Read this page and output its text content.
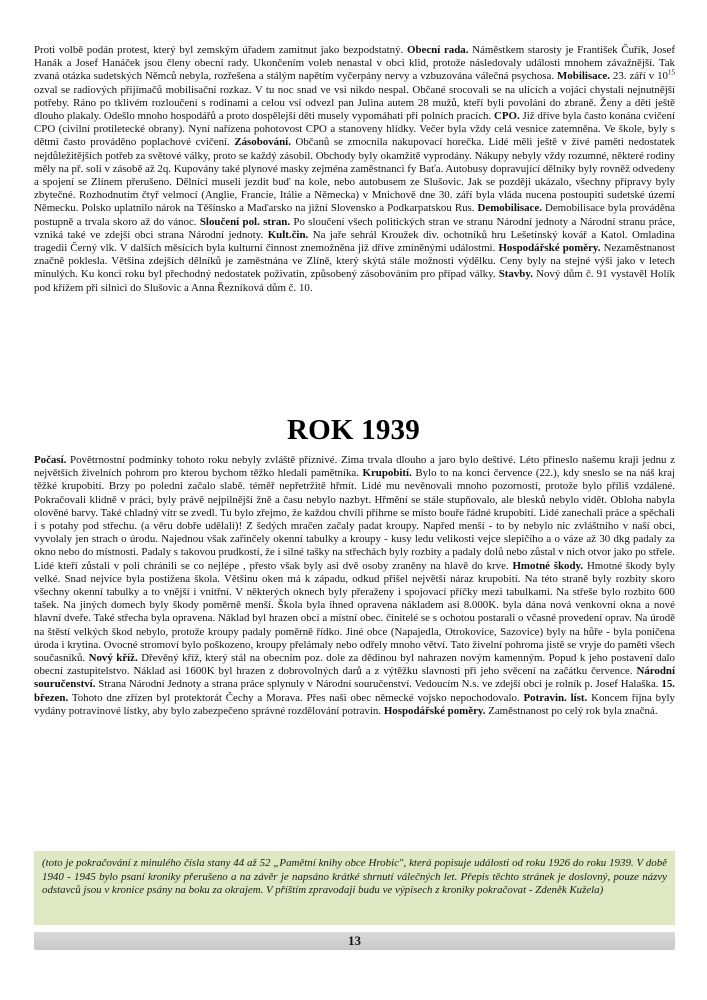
Proti volbě podán protest, který byl zemským úřadem zamítnut jako bezpodstatný. Obecní rada. Náměstkem starosty je František Čuřík, Josef Hanák a Josef Hanáček jsou členy obecní rady. Ukončením voleb nenastal v obci klid, protože následovaly události mnohem závažnější. Tak zvaná otázka sudetských Němců nebyla, rozřešena a stálým napětím vyčerpány nervy a vzbuzována válečná psychosa. Mobilisace. 23. září v $10^{15}$ ozval se radiových přijímačů mobilisační rozkaz. V tu noc snad ve vsi nikdo nespal. Občané srocovali se na ulicích a vojáci chystali nejnutnější potřeby. Ráno po tklivém rozloučení s rodinami a celou vsí odvezl pan Julina autem 28 mužů, kteří byli povoláni do zbraně. Ženy a děti ještě dlouho plakaly. Odešlo mnoho hospodářů a proto dospělejší děti musely vypomáhati při polních pracích. CPO. Již dříve byla často konána cvičení CPO (civilní protiletecké obrany). Nyní nařízena pohotovost CPO a stanoveny hlídky. Večer byla vždy celá vesnice zatemněna. Ve škole, byly s dětmi často prováděno poplachové cvičení. Zásobování. Občanů se zmocnila nakupovací horečka. Lidé měli ještě v živé paměti nedostatek nejdůležitějších potřeb za světové války, proto se každý zásobil. Obchody byly okamžitě vyprodány. Nákupy nebyly vždy rozumné, některé rodiny měly na př. soli v zásobě až 2q. Kupovány také plynové masky zejména zaměstnanci fy Baťa. Autobusy dopravující dělníky byly rovněž odvedeny a spojení se Zlínem přerušeno. Dělníci museli jezdit buď na kole, nebo autobusem ze Slušovic. Jak se později ukázalo, všechny přípravy byly zbytečné. Rozhodnutím čtyř velmocí (Anglie, Francie, Itálie a Německa) v Mnichově dne 30. září byla vláda nucena postoupiti sudetské území Německu. Polsko uplatnilo nárok na Těšínsko a Maďarsko na jižní Slovensko a Podkarpatskou Rus. Demobilisace. Demobilisace byla prováděna postupně a trvala skoro až do vánoc. Sloučení pol. stran. Po sloučení všech politických stran ve stranu Národní jednoty a Národní stranu práce, vzniká také ve zdejší obci strana Národní jednoty. Kult.čin. Na jaře sehrál Kroužek div. ochotníků hru Lešetínský kovář a Katol. Omladina tragedii Černý vlk. V dalších měsících byla kulturní činnost znemožněna již dříve zmíněnými událostmi. Hospodářské poměry. Nezaměstnanost značně poklesla. Většina zdejších dělníků je zaměstnána ve Zlíně, který skýtá stále možnosti výdělku. Ceny byly na stejné výši jako v letech minulých. Ku konci roku byl přechodný nedostatek poživatin, způsobený zásobováním pro případ války. Stavby. Nový dům č. 91 vystavěl Holík pod křížem při silnici do Slušovic a Anna Řezníková dům č. 10.

ROK 1939

Počasí. Povětrnostní podmínky tohoto roku nebyly zvláště příznivé. Zima trvala dlouho a jaro bylo deštivé. Léto přineslo našemu kraji jednu z největších živelních pohrom pro kterou bychom těžko hledali pamětníka. Krupobití. Bylo to na konci července (22.), kdy sneslo se na náš kraj těžké krupobití. Brzy po poledni začalo slabě. téměř nepřetržitě hřmít. Lidé mu nevěnovali mnoho pozornosti, protože bylo příliš vzdálené. Pokračovali klidně v práci, byly právě nejpilnější žně a času nebylo nazbyt. Hřmění se stále stupňovalo, ale blesků nebylo vidět. Obloha nabyla olověné barvy. Také chladný vítr se zvedl. Tu bylo zřejmo, že každou chvíli přihrne se místo bouře řádné krupobití. Lidé zanechali práce a spěchali i s potahy pod střechu. (a věru dobře udělali)! Z šedých mračen začaly padat kroupy. Napřed menší - to by nebylo nic zvláštního v naší obci, vyvolaly jen strach o úrodu. Najednou však zařinčely okenní tabulky a kroupy - kusy ledu velikosti vejce slepičího a o váze až 30 dkg padaly za okno nebo do místnosti. Padaly s takovou prudkostí, že i silné tašky na střechách byly rozbity a padaly dolů nebo zůstal v nich otvor jako po střele. Lidé kteří zůstali v poli chránili se co nejlépe , přesto však byly asi dvě osoby zraněny na hlavě do krve. Hmotné škody. Hmotné škody byly velké. Snad nejvíce byla postižena škola. Většinu oken má k západu, odkud přišel největší náraz krupobití. Na této straně byly rozbity skoro všechny okenní tabulky a to vnější i vnitřní. V některých oknech byly přeraženy i spojovací příčky mezi tabulkami. Na střeše bylo rozbito 600 tašek. Na jiných domech byly škody poměrně menší. Škola byla ihned opravena nákladem asi 8.000K. byla dána nová venkovní okna a nové hlavní dveře. Také střecha byla opravena. Náklad byl hrazen obcí a místní obec. činitelé se s ochotou postarali o včasné provedení oprav. Na úrodě na štěstí velkých škod nebylo, protože kroupy padaly poměrně řídko. Jiné obce (Napajedla, Otrokovice, Sazovice) byly na hůře - byla poničena úroda i krytina. Ovocné stromoví bylo poškozeno, kroupy přelámaly nebo odřely mnoho větví. Tato živelní pohroma jistě se vryje do paměti všech současníků. Nový kříž. Dřevěný kříž, který stál na obecním poz. dole za dědinou byl nahrazen novým kamenným. Popud k jeho postavení dalo obecní zastupitelstvo. Náklad asi 1600K byl hrazen z dobrovolných darů a z výtěžku slavnosti při jeho svěcení na začátku července. Národní souručenství. Strana Národní Jednoty a strana práce splynuly v Národní souručenství. Vedoucím N.s. ve zdejší obci je rolník p. Josef Halaška. 15. březen. Tohoto dne zřízen byl protektorát Čechy a Morava. Přes naši obec německé vojsko nepochodovalo. Potravin. líst. Koncem října byly vydány potravinové lístky, aby bylo zabezpečeno správné rozdělování potravin. Hospodářské poměry. Zaměstnanost po celý rok byla značná.

(toto je pokračování z minulého čísla stany 44 až 52 „Pamětní knihy obce Hrobic", která popisuje události od roku 1926 do roku 1939. V době 1940 - 1945 bylo psaní kroniky přerušeno a na závěr je napsáno krátké shrnutí válečných let. Přepis těchto stránek je doslovný, pouze názvy odstavců jsou v kronice psány na boku za okrajem. V příštím zpravodaji budu ve výpisech z kroniky pokračovat - Zdeněk Kužela)
13
